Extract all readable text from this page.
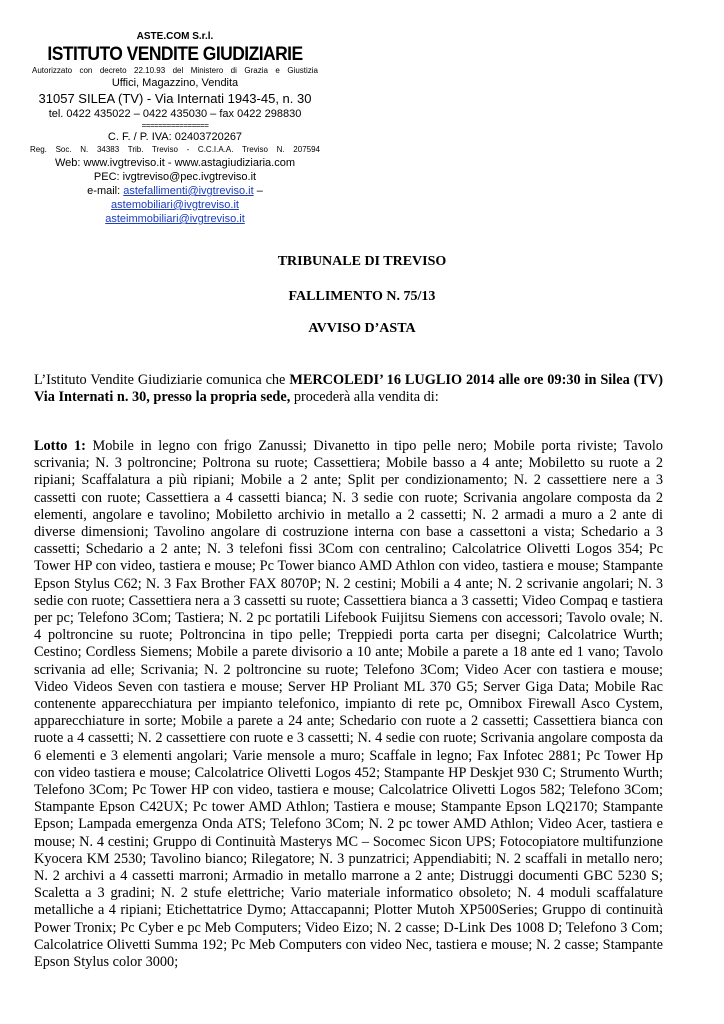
ASTE.COM S.r.l.
ISTITUTO VENDITE GIUDIZIARIE
Autorizzato con decreto 22.10.93 del Ministero di Grazia e Giustizia
Uffici, Magazzino, Vendita
31057 SILEA (TV) - Via Internati 1943-45, n. 30
tel. 0422 435022 – 0422 435030 – fax 0422 298830
================
C. F. / P. IVA: 02403720267
Reg. Soc. N. 34383 Trib. Treviso - C.C.I.A.A. Treviso N. 207594
Web: www.ivgtreviso.it - www.astagiudiziaria.com
PEC: ivgtreviso@pec.ivgtreviso.it
e-mail: astefallimenti@ivgtreviso.it – astemobiliari@ivgtreviso.it
asteimmobiliari@ivgtreviso.it
TRIBUNALE DI TREVISO
FALLIMENTO N. 75/13
AVVISO D’ASTA
L’Istituto Vendite Giudiziarie comunica che MERCOLEDI’ 16 LUGLIO 2014 alle ore 09:30 in Silea (TV) Via Internati n. 30, presso la propria sede, procederà alla vendita di:
Lotto 1: Mobile in legno con frigo Zanussi; Divanetto in tipo pelle nero; Mobile porta riviste; Tavolo scrivania; N. 3 poltroncine; Poltrona su ruote; Cassettiera; Mobile basso a 4 ante; Mobiletto su ruote a 2 ripiani; Scaffalatura a più ripiani; Mobile a 2 ante; Split per condizionamento; N. 2 cassettiere nere a 3 cassetti con ruote; Cassettiera a 4 cassetti bianca; N. 3 sedie con ruote; Scrivania angolare composta da 2 elementi, angolare e tavolino; Mobiletto archivio in metallo a 2 cassetti; N. 2 armadi a muro a 2 ante di diverse dimensioni; Tavolino angolare di costruzione interna con base a cassettoni a vista; Schedario a 3 cassetti; Schedario a 2 ante; N. 3 telefoni fissi 3Com con centralino; Calcolatrice Olivetti Logos 354; Pc Tower HP con video, tastiera e mouse; Pc Tower bianco AMD Athlon con video, tastiera e mouse; Stampante Epson Stylus C62; N. 3 Fax Brother FAX 8070P; N. 2 cestini; Mobili a 4 ante; N. 2 scrivanie angolari; N. 3 sedie con ruote; Cassettiera nera a 3 cassetti su ruote; Cassettiera bianca a 3 cassetti; Video Compaq e tastiera per pc; Telefono 3Com; Tastiera; N. 2 pc portatili Lifebook Fuijitsu Siemens con accessori; Tavolo ovale; N. 4 poltroncine su ruote; Poltroncina in tipo pelle; Treppiedi porta carta per disegni; Calcolatrice Wurth; Cestino; Cordless Siemens; Mobile a parete divisorio a 10 ante; Mobile a parete a 18 ante ed 1 vano; Tavolo scrivania ad elle; Scrivania; N. 2 poltroncine su ruote; Telefono 3Com; Video Acer con tastiera e mouse; Video Videos Seven con tastiera e mouse; Server HP Proliant ML 370 G5; Server Giga Data; Mobile Rac contenente apparecchiatura per impianto telefonico, impianto di rete pc, Omnibox Firewall Asco Cystem, apparecchiature in sorte; Mobile a parete a 24 ante; Schedario con ruote a 2 cassetti; Cassettiera bianca con ruote a 4 cassetti; N. 2 cassettiere con ruote e 3 cassetti; N. 4 sedie con ruote; Scrivania angolare composta da 6 elementi e 3 elementi angolari; Varie mensole a muro; Scaffale in legno; Fax Infotec 2881; Pc Tower Hp con video tastiera e mouse; Calcolatrice Olivetti Logos 452; Stampante HP Deskjet 930 C; Strumento Wurth; Telefono 3Com; Pc Tower HP con video, tastiera e mouse; Calcolatrice Olivetti Logos 582; Telefono 3Com; Stampante Epson C42UX; Pc tower AMD Athlon; Tastiera e mouse; Stampante Epson LQ2170; Stampante Epson; Lampada emergenza Onda ATS; Telefono 3Com; N. 2 pc tower AMD Athlon; Video Acer, tastiera e mouse; N. 4 cestini; Gruppo di Continuità Masterys MC – Socomec Sicon UPS; Fotocopiatore multifunzione Kyocera KM 2530; Tavolino bianco; Rilegatore; N. 3 punzatrici; Appendiabiti; N. 2 scaffali in metallo nero; N. 2 archivi a 4 cassetti marroni; Armadio in metallo marrone a 2 ante; Distruggi documenti GBC 5230 S; Scaletta a 3 gradini; N. 2 stufe elettriche; Vario materiale informatico obsoleto; N. 4 moduli scaffalature metalliche a 4 ripiani; Etichettatrice Dymo; Attaccapanni; Plotter Mutoh XP500Series; Gruppo di continuità Power Tronix; Pc Cyber e pc Meb Computers; Video Eizo; N. 2 casse; D-Link Des 1008 D; Telefono 3 Com; Calcolatrice Olivetti Summa 192; Pc Meb Computers con video Nec, tastiera e mouse; N. 2 casse; Stampante Epson Stylus color 3000;
